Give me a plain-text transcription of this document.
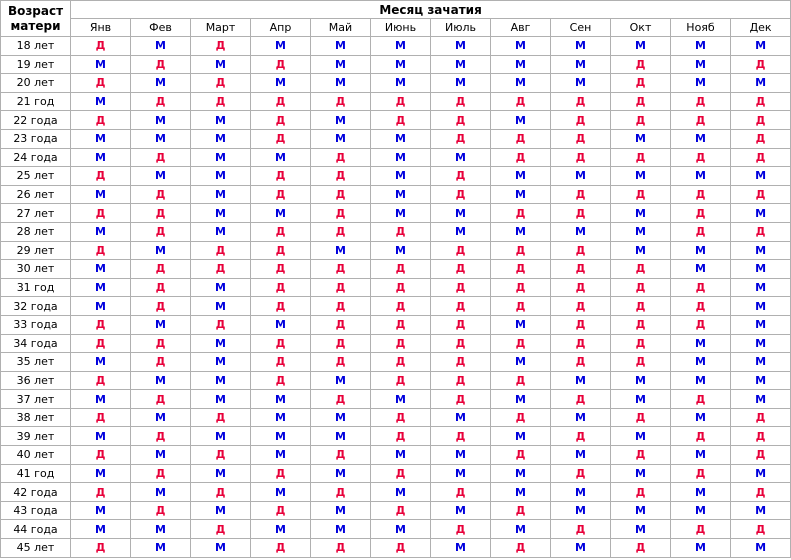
Возраст
матери	Месяц зачатия											
	Янв	Фев	Март	Апр	Май	Июнь	Июль	Авг	Сен	Окт	Нояб	Дек
18 лет	Д	М	Д	М	М	М	М	М	М	М	М	М
19 лет	М	Д	М	Д	М	М	М	М	М	Д	М	Д
20 лет	Д	М	Д	М	М	М	М	М	М	Д	М	М
21 год	М	Д	Д	Д	Д	Д	Д	Д	Д	Д	Д	Д
22 года	Д	М	М	Д	М	Д	Д	М	Д	Д	Д	Д
23 года	М	М	М	Д	М	М	Д	Д	Д	М	М	Д
24 года	М	Д	М	М	Д	М	М	Д	Д	Д	Д	Д
25 лет	Д	М	М	Д	Д	М	Д	М	М	М	М	М
26 лет	М	Д	М	Д	Д	М	Д	М	Д	Д	Д	Д
27 лет	Д	Д	М	М	Д	М	М	Д	Д	М	Д	М
28 лет	М	Д	М	Д	Д	Д	М	М	М	М	Д	Д
29 лет	Д	М	Д	Д	М	М	Д	Д	Д	М	М	М
30 лет	М	Д	Д	Д	Д	Д	Д	Д	Д	Д	М	М
31 год	М	Д	М	Д	Д	Д	Д	Д	Д	Д	Д	М
32 года	М	Д	М	Д	Д	Д	Д	Д	Д	Д	Д	М
33 года	Д	М	Д	М	Д	Д	Д	М	Д	Д	Д	М
34 года	Д	Д	М	Д	Д	Д	Д	Д	Д	Д	М	М
35 лет	М	Д	М	Д	Д	Д	Д	М	Д	Д	М	М
36 лет	Д	М	М	Д	М	Д	Д	Д	М	М	М	М
37 лет	М	Д	М	М	Д	М	Д	М	Д	М	Д	М
38 лет	Д	М	Д	М	М	Д	М	Д	М	Д	М	Д
39 лет	М	Д	М	М	М	Д	Д	М	Д	М	Д	Д
40 лет	Д	М	Д	М	Д	М	М	Д	М	Д	М	Д
41 год	М	Д	М	Д	М	Д	М	М	Д	М	Д	М
42 года	Д	М	Д	М	Д	М	Д	М	М	Д	М	Д
43 года	М	Д	М	Д	М	Д	М	Д	М	М	М	М
44 года	М	М	Д	М	М	М	Д	М	Д	М	Д	Д
45 лет	Д	М	М	Д	Д	Д	М	Д	М	Д	М	М
